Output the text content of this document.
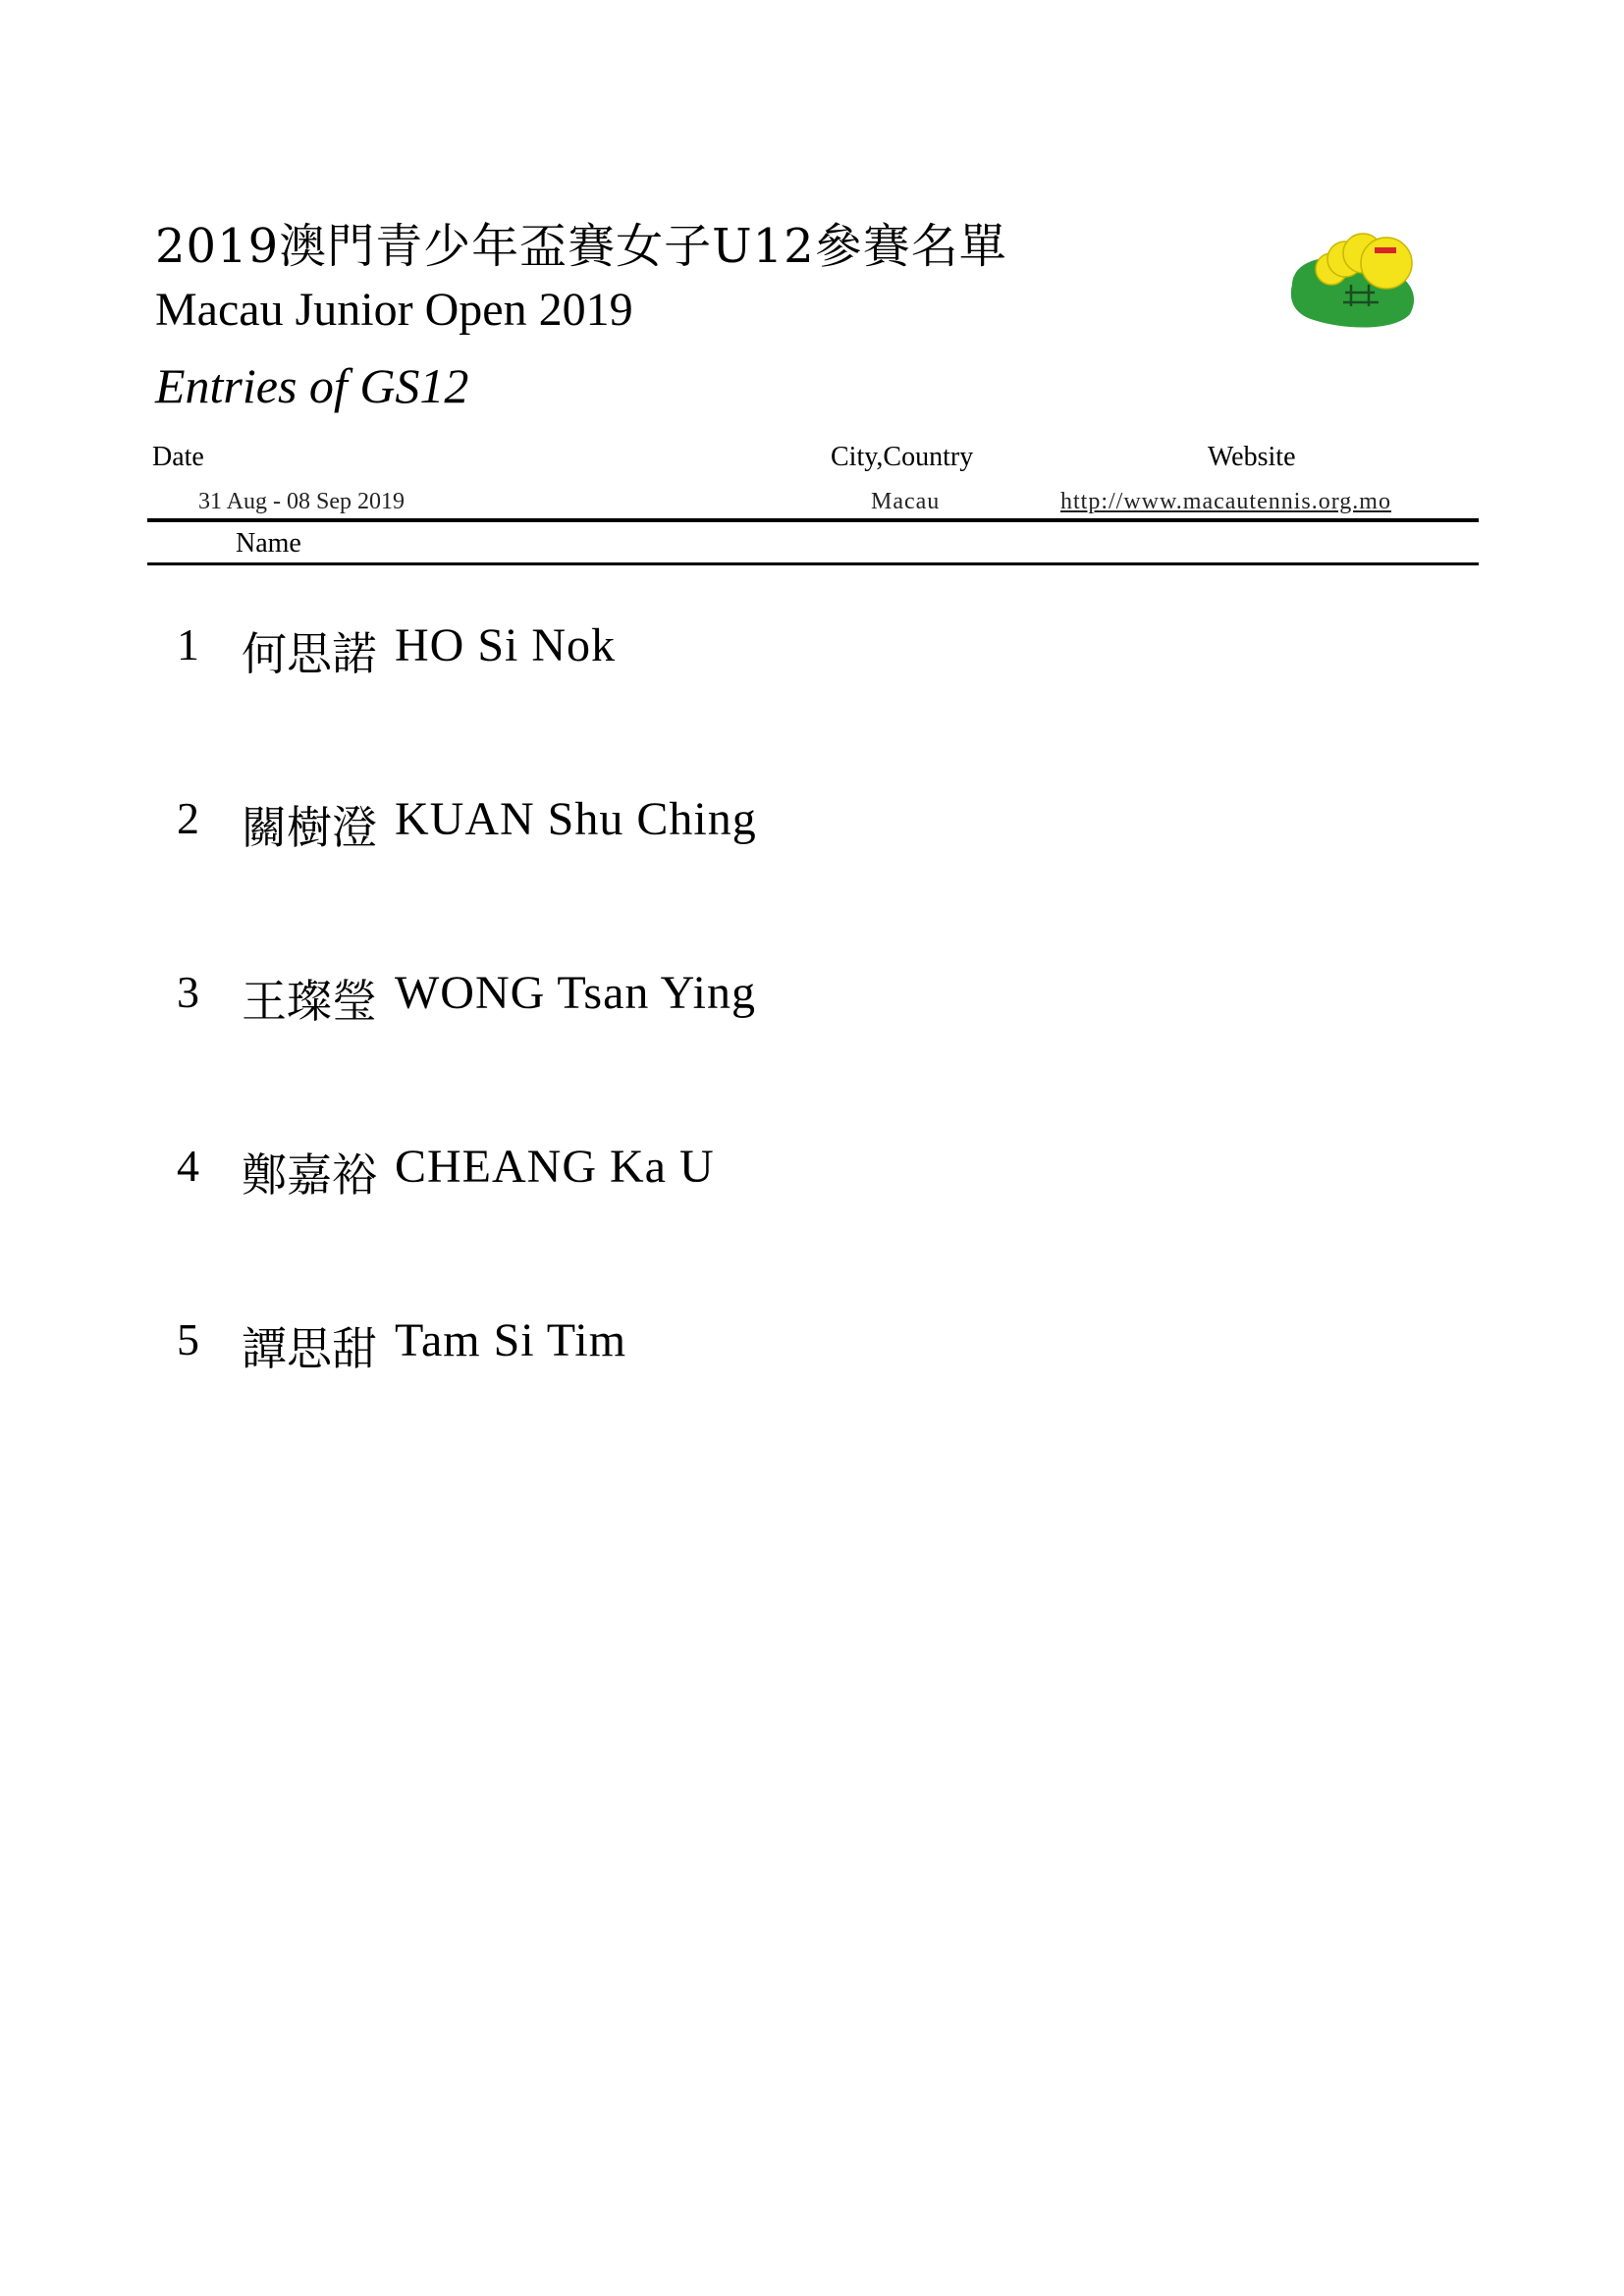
2019澳門青少年盃賽女子U12參賽名單
Macau Junior Open 2019
Entries of GS12
Date	City,Country	Website
31 Aug - 08 Sep 2019	Macau	http://www.macautennis.org.mo
Name
1 何思諾 HO Si Nok
2 關樹澄 KUAN Shu Ching
3 王璨瑩 WONG Tsan Ying
4 鄭嘉裕 CHEANG Ka U
5 譚思甜 Tam Si Tim
